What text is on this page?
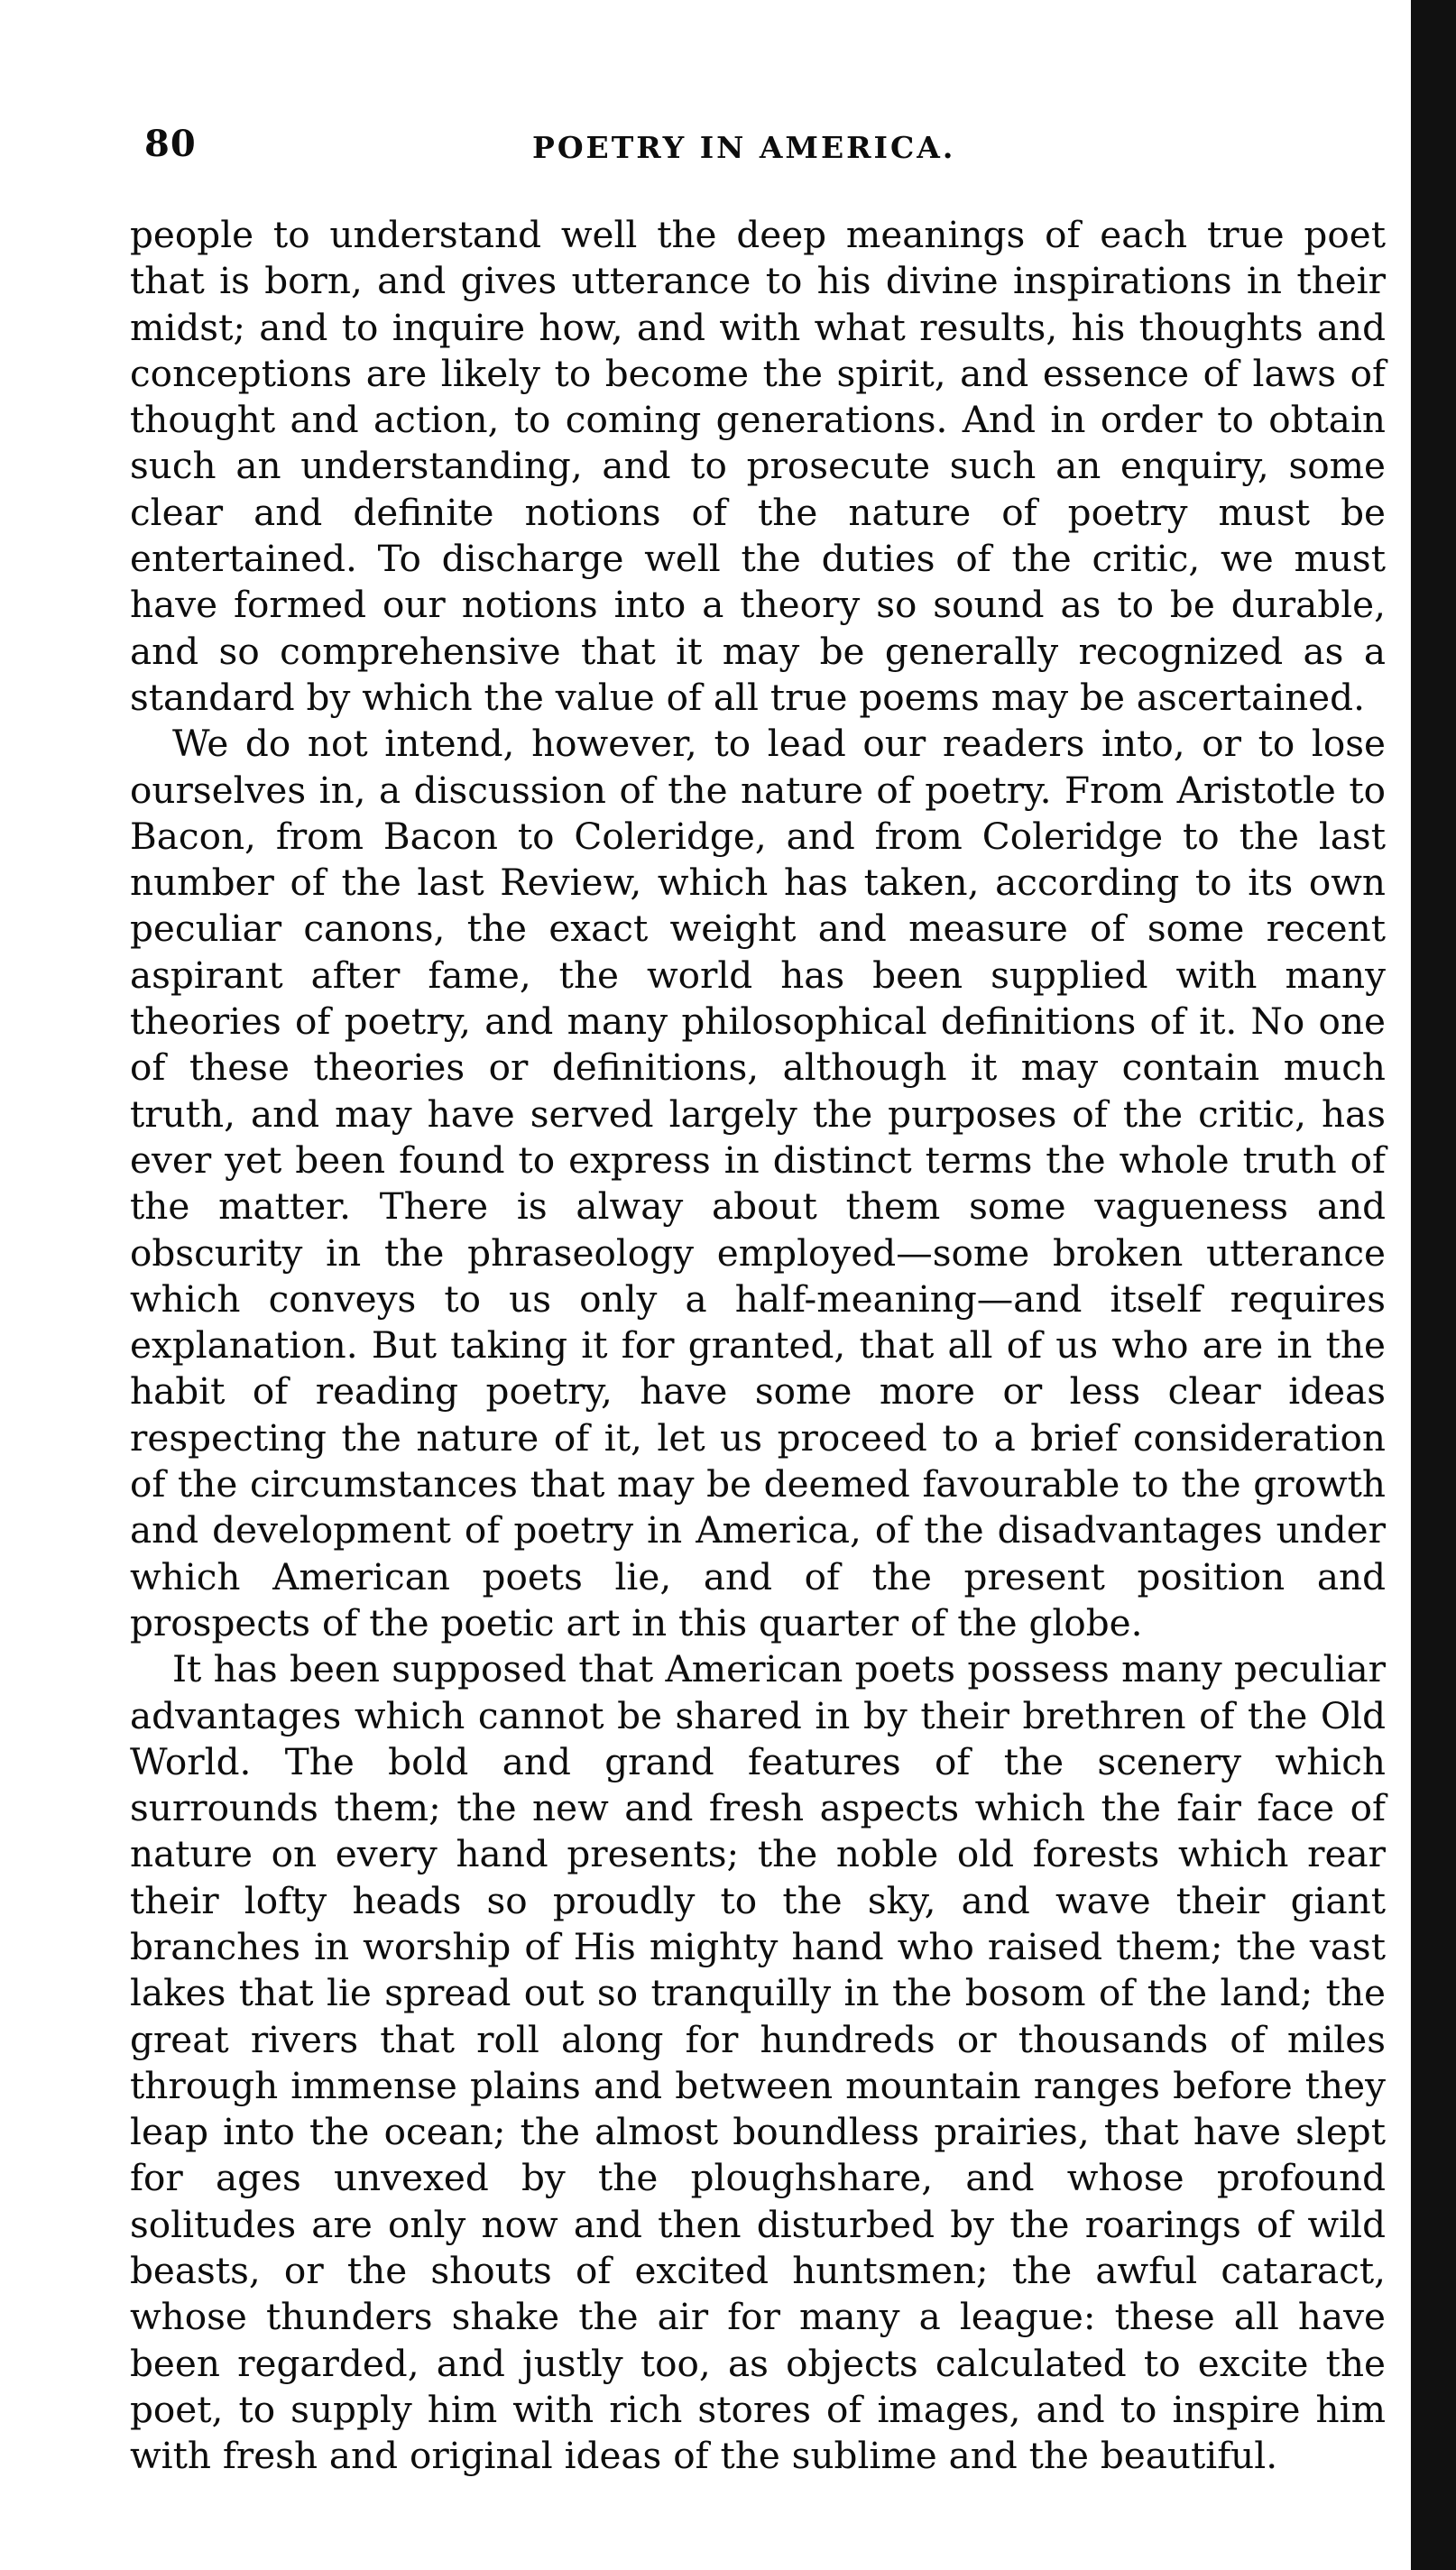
80	POETRY IN AMERICA.

people to understand well the deep meanings of each true poet that is born, and gives utterance to his divine inspirations in their midst; and to inquire how, and with what results, his thoughts and conceptions are likely to become the spirit, and essence of laws of thought and action, to coming generations. And in order to obtain such an understanding, and to prosecute such an enquiry, some clear and definite notions of the nature of poetry must be entertained. To discharge well the duties of the critic, we must have formed our notions into a theory so sound as to be durable, and so comprehensive that it may be generally recognized as a standard by which the value of all true poems may be ascertained.

We do not intend, however, to lead our readers into, or to lose ourselves in, a discussion of the nature of poetry. From Aristotle to Bacon, from Bacon to Coleridge, and from Coleridge to the last number of the last Review, which has taken, according to its own peculiar canons, the exact weight and measure of some recent aspirant after fame, the world has been supplied with many theories of poetry, and many philosophical definitions of it. No one of these theories or definitions, although it may contain much truth, and may have served largely the purposes of the critic, has ever yet been found to express in distinct terms the whole truth of the matter. There is alway about them some vagueness and obscurity in the phraseology employed—some broken utterance which conveys to us only a half-meaning—and itself requires explanation. But taking it for granted, that all of us who are in the habit of reading poetry, have some more or less clear ideas respecting the nature of it, let us proceed to a brief consideration of the circumstances that may be deemed favourable to the growth and development of poetry in America, of the disadvantages under which American poets lie, and of the present position and prospects of the poetic art in this quarter of the globe.

It has been supposed that American poets possess many peculiar advantages which cannot be shared in by their brethren of the Old World. The bold and grand features of the scenery which surrounds them; the new and fresh aspects which the fair face of nature on every hand presents; the noble old forests which rear their lofty heads so proudly to the sky, and wave their giant branches in worship of His mighty hand who raised them; the vast lakes that lie spread out so tranquilly in the bosom of the land; the great rivers that roll along for hundreds or thousands of miles through immense plains and between mountain ranges before they leap into the ocean; the almost boundless prairies, that have slept for ages unvexed by the ploughshare, and whose profound solitudes are only now and then disturbed by the roarings of wild beasts, or the shouts of excited huntsmen; the awful cataract, whose thunders shake the air for many a league: these all have been regarded, and justly too, as objects calculated to excite the poet, to supply him with rich stores of images, and to inspire him with fresh and original ideas of the sublime and the beautiful.
